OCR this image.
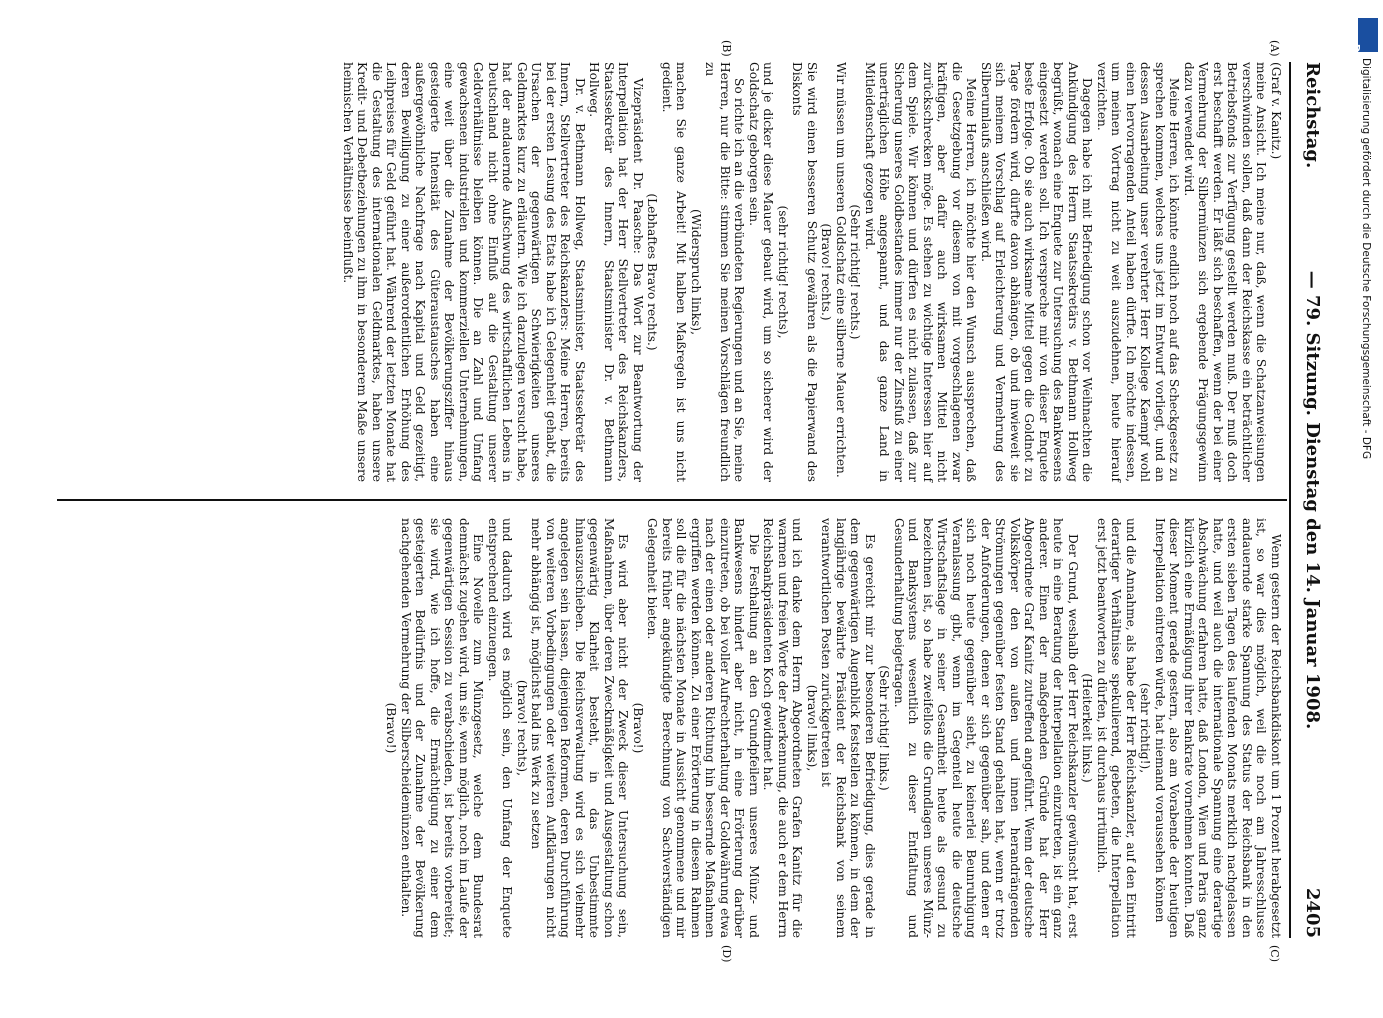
Reichstag.
— 79. Sitzung. Dienstag den 14. Januar 1908.
2405
(A)
(B)
(C)
(D)

(Graf v. Kanitz.)

meine Ansicht. Ich meine nur, daß, wenn die Schatzanweisungen verschwinden sollen, daß dann der Reichskasse ein beträchtlicher Betriebsfonds zur Verfügung gestellt werden muß. Der muß doch erst beschafft werden. Er läßt sich beschaffen, wenn der bei einer Vermehrung der Silbermünzen sich ergebende Prägungsgewinn dazu verwendet wird.

Meine Herren, ich könnte endlich noch auf das Scheckgesetz zu sprechen kommen, welches uns jetzt im Entwurf vorliegt, und an dessen Ausarbeitung unser verehrter Herr Kollege Kaempf wohl einen hervorragenden Anteil haben dürfte. Ich möchte indessen, um meinen Vortrag nicht zu weit auszudehnen, heute hierauf verzichten.

Dagegen habe ich mit Befriedigung schon vor Weihnachten die Ankündigung des Herrn Staatssekretärs v. Bethmann Hollweg begrüßt, wonach eine Enquete zur Untersuchung des Bankwesens eingesetzt werden soll. Ich verspreche mir von dieser Enquete beste Erfolge. Ob sie auch wirksame Mittel gegen die Goldnot zu Tage fördern wird, dürfte davon abhängen, ob und inwieweit sie sich meinem Vorschlag auf Erleichterung und Vermehrung des Silberumlaufs anschließen wird.

Meine Herren, ich möchte hier den Wunsch aussprechen, daß die Gesetzgebung vor diesem von mit vorgeschlagenen zwar kräftigen, aber dafür auch wirksamen Mittel nicht zurückschrecken möge. Es stehen zu wichtige Interessen hier auf dem Spiele. Wir können und dürfen es nicht zulassen, daß zur Sicherung unseres Goldbestandes immer nur der Zinsfuß zu einer unerträglichen Höhe angespannt, und das ganze Land in Mitleidenschaft gezogen wird.

(Sehr richtig! rechts.)

Wir müssen um unseren Goldschatz eine silberne Mauer errichten.

(Bravo! rechts.)

Sie wird einen besseren Schutz gewähren als die Papierwand des Diskonts

(sehr richtig! rechts),

und je dicker diese Mauer gebaut wird, um so sicherer wird der Goldschatz geborgen sein.

So richte ich an die verbündeten Regierungen und an Sie, meine Herren, nur die Bitte: stimmen Sie meinen Vorschlägen freundlich zu

(Widerspruch links),

machen Sie ganze Arbeit! Mit halben Maßregeln ist uns nicht gedient.

(Lebhaftes Bravo rechts.)

Vizepräsident Dr. Paasche: Das Wort zur Beantwortung der Interpellation hat der Herr Stellvertreter des Reichskanzlers, Staatssekretär des Innern, Staatsminister Dr. v. Bethmann Hollweg.

Dr. v. Bethmann Hollweg, Staatsminister, Staatssekretär des Innern, Stellvertreter des Reichskanzlers: Meine Herren, bereits bei der ersten Lesung des Etats habe ich Gelegenheit gehabt, die Ursachen der gegenwärtigen Schwierigkeiten unseres Geldmarktes kurz zu erläutern. Wie ich darzulegen versucht habe, hat der andauernde Aufschwung des wirtschaftlichen Lebens in Deutschland nicht ohne Einfluß auf die Gestaltung unserer Geldverhältnisse bleiben können. Die an Zahl und Umfang gewachsenen industriellen und kommerziellen Unternehmungen, eine weit über die Zunahme der Bevölkerungsziffer hinaus gesteigerte Intensität des Güteraustausches haben eine außergewöhnliche Nachfrage nach Kapital und Geld gezeitigt, deren Bewilligung zu einer außerordentlichen Erhöhung des Leihpreises für Geld geführt hat. Während der letzten Monate hat die Gestaltung des internationalen Geldmarktes, haben unsere Kredit- und Debetbeziehungen zu ihm in besonderem Maße unsere heimischen Verhältnisse beeinflußt.

Wenn gestern der Reichsbankdiskont um 1 Prozent herabgesetzt ist, so war dies möglich, weil die noch am Jahresschlusse andauernde starke Spannung des Status der Reichsbank in den ersten sieben Tagen des laufenden Monats merklich nachgelassen hatte, und weil auch die internationale Spannung eine derartige Abschwächung erfahren hatte, daß London, Wien und Paris ganz kürzlich eine Ermäßigung ihrer Bankrate vornehmen konnten. Daß dieser Moment gerade gestern, also am Vorabende der heutigen Interpellation eintreten würde, hat niemand voraussehen können

(sehr richtig!),

und die Annahme, als habe der Herr Reichskanzler, auf den Eintritt derartiger Verhältnisse spekulierend, gebeten, die Interpellation erst jetzt beantworten zu dürfen, ist durchaus irrtümlich.

(Heiterkeit links.)

Der Grund, weshalb der Herr Reichskanzler gewünscht hat, erst heute in eine Beratung der Interpellation einzutreten, ist ein ganz anderer. Einen der maßgebenden Gründe hat der Herr Abgeordnete Graf Kanitz zutreffend angeführt. Wenn der deutsche Volkskörper den von außen und innen herandrängenden Strömungen gegenüber festen Stand gehalten hat, wenn er trotz der Anforderungen, denen er sich gegenüber sah, und denen er sich noch heute gegenüber sieht, zu keinerlei Beunruhigung Veranlassung gibt, wenn im Gegenteil heute die deutsche Wirtschaftslage in seiner Gesamtheit heute als gesund zu bezeichnen ist, so habe zweifellos die Grundlagen unseres Münz- und Banksystems wesentlich zu dieser Entfaltung und Gesunderhaltung beigetragen.

(Sehr richtig! links.)

Es gereicht mir zur besonderen Befriedigung, dies gerade in dem gegenwärtigen Augenblick feststellen zu können, in dem der langjährige bewährte Präsident der Reichsbank von seinem verantwortlichen Posten zurückgetreten ist

(bravo! links),

und ich danke dem Herrn Abgeordneten Grafen Kanitz für die warmen und freien Worte der Anerkennung, die auch er dem Herrn Reichsbankpräsidenten Koch gewidmet hat.

Die Festhaltung an den Grundpfeilern unseres Münz- und Bankwesens hindert aber nicht, in eine Erörterung darüber einzutreten, ob bei voller Aufrechterhaltung der Goldwährung etwa nach der einen oder anderen Richtung hin bessernde Maßnahmen ergriffen werden können. Zu einer Erörterung in diesem Rahmen soll die für die nächsten Monate in Aussicht genommene und mir bereits früher angekündigte Berechnung von Sachverständigen Gelegenheit bieten.

(Bravo!)

Es wird aber nicht der Zweck dieser Untersuchung sein, Maßnahmen, über deren Zweckmäßigkeit und Ausgestaltung schon gegenwärtig Klarheit besteht, in das Unbestimmte hinauszuschieben. Die Reichsverwaltung wird es sich vielmehr angelegen sein lassen, diejenigen Reformen, deren Durchführung von weiteren Vorbedingungen oder weiteren Aufklärungen nicht mehr abhängig ist, möglichst bald ins Werk zu setzen

(bravo! rechts),

und dadurch wird es möglich sein, den Umfang der Enquete entsprechend einzuengen.

Eine Novelle zum Münzgesetz, welche dem Bundesrat demnächst zugehen wird, um sie, wenn möglich, noch im Laufe der gegenwärtigen Session zu verabschieden, ist bereits vorbereitet; sie wird, wie ich hoffe, die Ermächtigung zu einer dem gesteigerten Bedürfnis und der Zunahme der Bevölkerung nachgehenden Vermehrung der Silberscheidemünzen enthalten.

(Bravo!)

DFG
Digitalisierung gefördert durch die Deutsche Forschungsgemeinschaft - DFG
